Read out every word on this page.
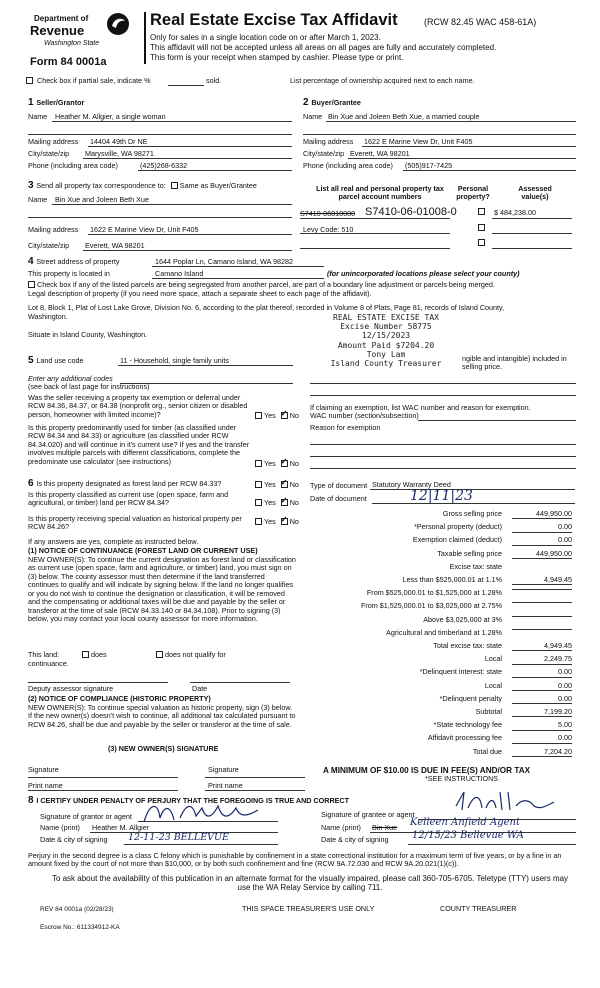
Department of
Revenue
Washington State
Form 84 0001a
Real Estate Excise Tax Affidavit	(RCW 82.45 WAC 458-61A)
Only for sales in a single location code on or after March 1, 2023.
This affidavit will not be accepted unless all areas on all pages are fully and accurately completed.
This form is your receipt when stamped by cashier. Please type or print.
Check box if partial sale, indicate %	sold.	List percentage of ownership acquired next to each name.
1 Seller/Grantor
Name Heather M. Allgier, a single woman
Mailing address 14404 49th Dr NE
City/state/zip Marysville, WA 98271
Phone (including area code)	(425)268-6332
2 Buyer/Grantee
Name Bin Xue and Joleen Beth Xue, a married couple
Mailing address 1622 E Marine View Dr, Unit F405
City/state/zip Everett, WA 98201
Phone (including area code) (505)917-7425
3 Send all property tax correspondence to: Same as Buyer/Grantee
Name Bin Xue and Joleen Beth Xue
Mailing address 1622 E Marine View Dr, Unit F405
City/state/zip Everett, WA 98201
List all real and personal property tax parcel account numbers
Personal property?
Assessed value(s)
S7410-06010080 S7410-06-01008-0	$ 484,238.00
Levy Code: 510
4 Street address of property	1644 Poplar Ln, Camano Island, WA 98282
This property is located in	Camano Island	(for unincorporated locations please select your county)
Check box if any of the listed parcels are being segregated from another parcel, are part of a boundary line adjustment or parcels being merged.
Legal description of property (if you need more space, attach a separate sheet to each page of the affidavit).
Lot 8, Block 1, Plat of Lost Lake Grove, Division No. 6, according to the plat thereof, recorded in Volume 8 of Plats, Page 81, records of Island County,
Washington.
Situate in Island County, Washington.
REAL ESTATE EXCISE TAX
Excise Number 58775
12/15/2023
Amount Paid $7204.20
Tony Lam
Island County Treasurer
ngible and intangible) included in selling price.
5 Land use code	11 - Household, single family units
Enter any additional codes
(see back of last page for instructions)
Was the seller receiving a property tax exemption or deferral under RCW 84.36, 84.37, or 84.38 (nonprofit org., senior citizen or disabled person, homeowner with limited income)?	Yes ✓ No
If claiming an exemption, list WAC number and reason for exemption.
WAC number (section/subsection)
Reason for exemption
Is this property predominantly used for timber (as classified under RCW 84.34 and 84.33) or agriculture (as classified under RCW 84.34.020) and will continue in it's current use? If yes and the transfer involves multiple parcels with different classifications, complete the predominate use calculator (see instructions)	Yes ✓ No
6 Is this property designated as forest land per RCW 84.33?	Yes ✓ No
Is this property classified as current use (open space, farm and agricultural, or timber) land per RCW 84.34?	Yes ✓ No
Is this property receiving special valuation as historical property per RCW 84.26?
Yes ✓ No
If any answers are yes, complete as instructed below.
(1) NOTICE OF CONTINUANCE (FOREST LAND OR CURRENT USE)
NEW OWNER(S): To continue the current designation as forest land or classification as current use (open space, farm and agriculture, or timber) land, you must sign on (3) below. The county assessor must then determine if the land transferred continues to qualify and will indicate by signing below. If the land no longer qualifies or you do not wish to continue the designation or classification, it will be removed and the compensating or additional taxes will be due and payable by the seller or transferor at the time of sale (RCW 84.33.140 or 84.34.108). Prior to signing (3) below, you may contact your local county assessor for more information.
This land:	does	does not qualify for
continuance.
Deputy assessor signature	Date
(2) NOTICE OF COMPLIANCE (HISTORIC PROPERTY)
NEW OWNER(S): To continue special valuation as historic property, sign (3) below. If the new owner(s) doesn't wish to continue, all additional tax calculated pursuant to RCW 84.26, shall be due and payable by the seller or transferor at the time of sale.
(3) NEW OWNER(S) SIGNATURE
Signature	Signature
Print name	Print name
Type of document Statutory Warranty Deed
Date of document	12|11|23
Gross selling price	449,950.00
*Personal property (deduct)	0.00
Exemption claimed (deduct)	0.00
Taxable selling price	449,950.00
Excise tax: state
Less than $525,000.01 at 1.1%	4,949.45
From $525,000.01 to $1,525,000 at 1.28%
From $1,525,000.01 to $3,025,000 at 2.75%
Above $3,025,000 at 3%
Agricultural and timberland at 1.28%
Total excise tax: state	4,949.45
Local	2,249.75
*Delinquent interest: state	0.00
Local	0.00
*Delinquent penalty	0.00
Subtotal	7,199.20
*State technology fee	5.00
Affidavit processing fee	0.00
Total due	7,204.20
A MINIMUM OF $10.00 IS DUE IN FEE(S) AND/OR TAX
*SEE INSTRUCTIONS
8 I CERTIFY UNDER PENALTY OF PERJURY THAT THE FOREGOING IS TRUE AND CORRECT
Signature of grantor or agent
Name (print) Heather M. Allgier
Date & city of signing 12-11-23 BELLEVUE
Signature of grantee or agent
Name (print) Bin Xue Kelleen Anfield Agent
Date & city of signing 12/15/23 Bellevue WA
Perjury in the second degree is a class C felony which is punishable by confinement in a state correctional institution for a maximum term of five years, or by a fine in an amount fixed by the court of not more than $10,000, or by both such confinement and fine (RCW 9A.72.030 and RCW 9A.20.021(1)(c)).
To ask about the availability of this publication in an alternate format for the visually impaired, please call 360-705-6705. Teletype (TTY) users may use the WA Relay Service by calling 711.
REV 84 0001a (02/28/23)	THIS SPACE TREASURER'S USE ONLY	COUNTY TREASURER
Escrow No.: 611334912-KA
